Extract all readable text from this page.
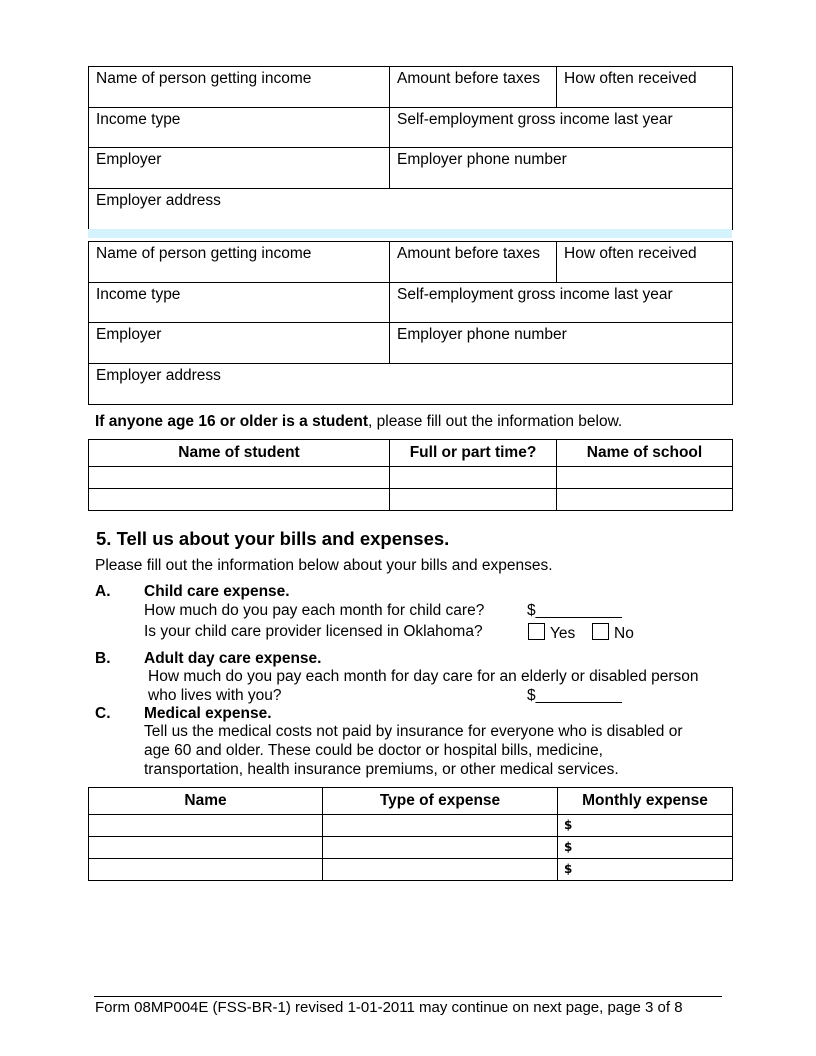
Name of person getting income	Amount before taxes	How often received

Income type	Self-employment gross income last year	

Employer	Employer phone number	

Employer address		
Name of person getting income	Amount before taxes	How often received

Income type	Self-employment gross income last year	

Employer	Employer phone number	

Employer address		
If anyone age 16 or older is a student, please fill out the information below.
Name of student	Full or part time?	Name of school

5. Tell us about your bills and expenses.
Please fill out the information below about your bills and expenses.
A. Child care expense.
How much do you pay each month for child care?	$__________
Is your child care provider licensed in Oklahoma?	Yes	No
B. Adult day care expense.
How much do you pay each month for day care for an elderly or disabled person
who lives with you?	$__________
C. Medical expense.
Tell us the medical costs not paid by insurance for everyone who is disabled or
age 60 and older. These could be doctor or hospital bills, medicine,
transportation, health insurance premiums, or other medical services.
Name	Type of expense	Monthly expense

		$

		$

		$
Form 08MP004E (FSS-BR-1) revised 1-01-2011 may continue on next page, page 3 of 8
